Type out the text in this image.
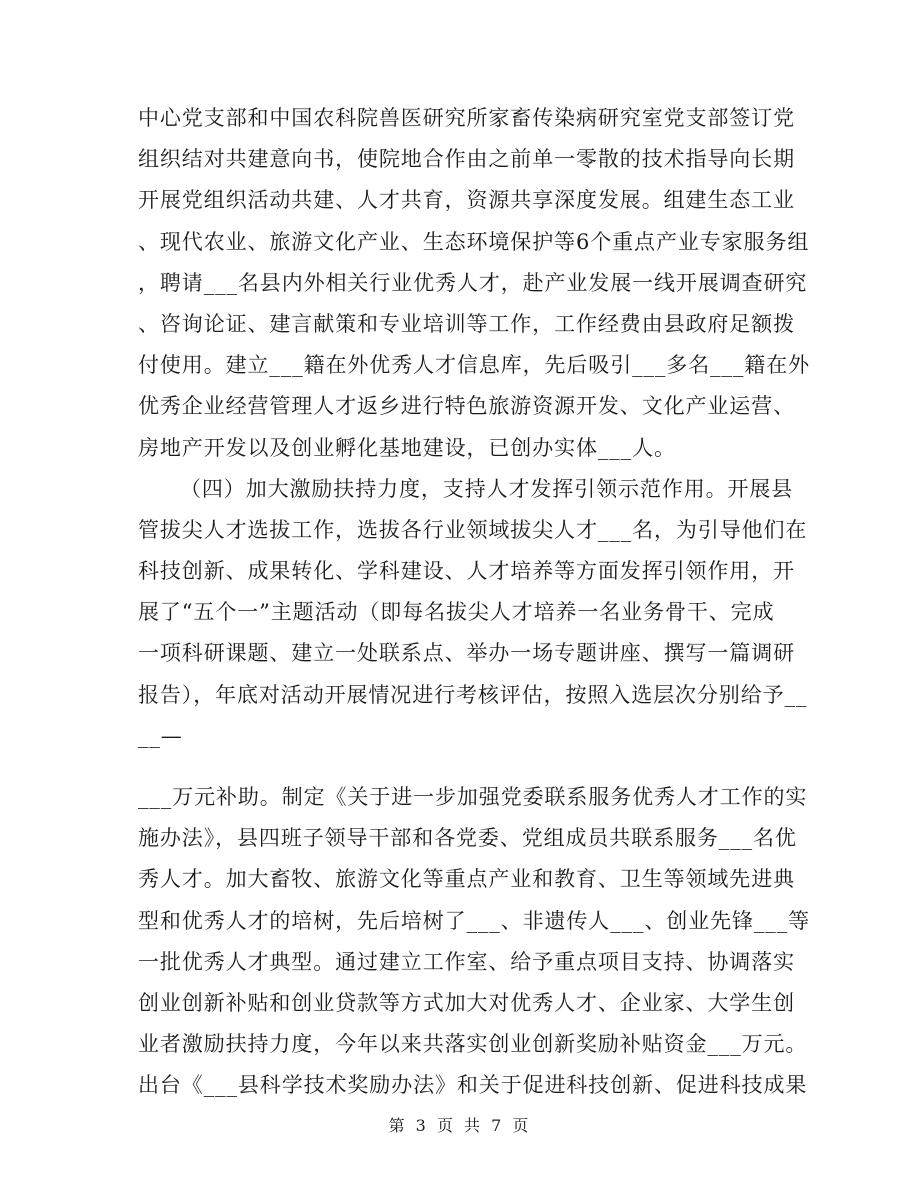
中心党支部和中国农科院兽医研究所家畜传染病研究室党支部签订党
组织结对共建意向书，使院地合作由之前单一零散的技术指导向长期
开展党组织活动共建、人才共育，资源共享深度发展。组建生态工业
、现代农业、旅游文化产业、生态环境保护等6个重点产业专家服务组
，聘请___名县内外相关行业优秀人才，赴产业发展一线开展调查研究
、咨询论证、建言献策和专业培训等工作，工作经费由县政府足额拨
付使用。建立___籍在外优秀人才信息库，先后吸引___多名___籍在外
优秀企业经营管理人才返乡进行特色旅游资源开发、文化产业运营、
房地产开发以及创业孵化基地建设，已创办实体___人。
（四）加大激励扶持力度，支持人才发挥引领示范作用。开展县
管拔尖人才选拔工作，选拔各行业领域拔尖人才___名，为引导他们在
科技创新、成果转化、学科建设、人才培养等方面发挥引领作用，开
展了“五个一”主题活动（即每名拔尖人才培养一名业务骨干、完成
一项科研课题、建立一处联系点、举办一场专题讲座、撰写一篇调研
报告），年底对活动开展情况进行考核评估，按照入选层次分别给予__
__—
___万元补助。制定《关于进一步加强党委联系服务优秀人才工作的实
施办法》，县四班子领导干部和各党委、党组成员共联系服务___名优
秀人才。加大畜牧、旅游文化等重点产业和教育、卫生等领域先进典
型和优秀人才的培树，先后培树了___、非遗传人___、创业先锋___等
一批优秀人才典型。通过建立工作室、给予重点项目支持、协调落实
创业创新补贴和创业贷款等方式加大对优秀人才、企业家、大学生创
业者激励扶持力度，今年以来共落实创业创新奖励补贴资金___万元。
出台《___县科学技术奖励办法》和关于促进科技创新、促进科技成果
第 3 页 共 7 页
